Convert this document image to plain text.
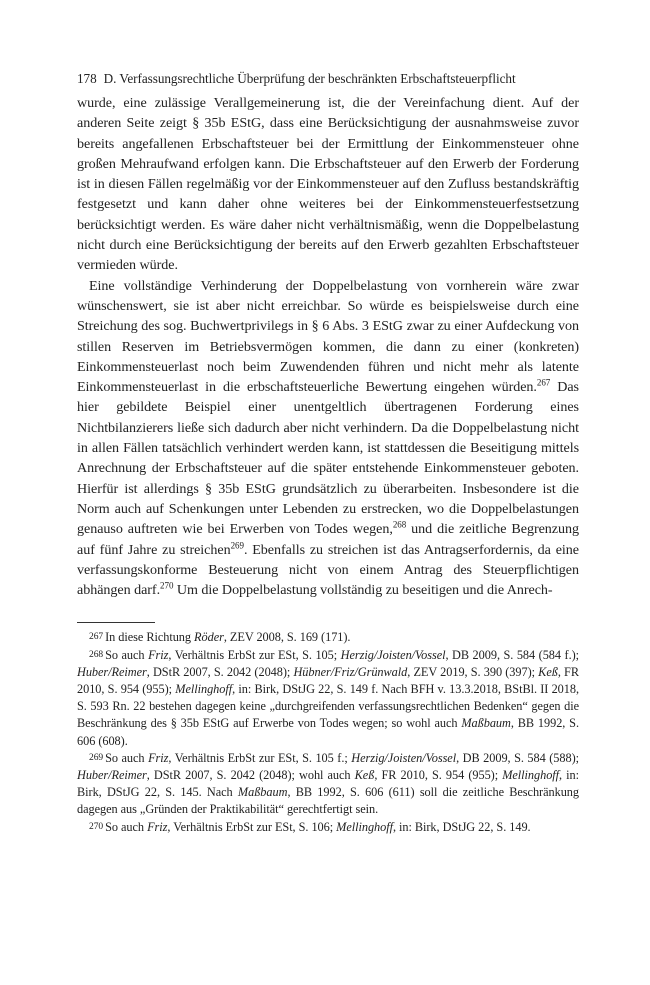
178 D. Verfassungsrechtliche Überprüfung der beschränkten Erbschaftsteuerpflicht

wurde, eine zulässige Verallgemeinerung ist, die der Vereinfachung dient. Auf der anderen Seite zeigt § 35b EStG, dass eine Berücksichtigung der ausnahmsweise zuvor bereits angefallenen Erbschaftsteuer bei der Ermittlung der Einkommensteuer ohne großen Mehraufwand erfolgen kann. Die Erbschaftsteuer auf den Erwerb der Forderung ist in diesen Fällen regelmäßig vor der Einkommensteuer auf den Zufluss bestandskräftig festgesetzt und kann daher ohne weiteres bei der Einkommensteuerfestsetzung berücksichtigt werden. Es wäre daher nicht verhältnismäßig, wenn die Doppelbelastung nicht durch eine Berücksichtigung der bereits auf den Erwerb gezahlten Erbschaftsteuer vermieden würde.

Eine vollständige Verhinderung der Doppelbelastung von vornherein wäre zwar wünschenswert, sie ist aber nicht erreichbar. So würde es beispielsweise durch eine Streichung des sog. Buchwertprivilegs in § 6 Abs. 3 EStG zwar zu einer Aufdeckung von stillen Reserven im Betriebsvermögen kommen, die dann zu einer (konkreten) Einkommensteuerlast noch beim Zuwendenden führen und nicht mehr als latente Einkommensteuerlast in die erbschaftsteuerliche Bewertung eingehen würden.$^{267}$ Das hier gebildete Beispiel einer unentgeltlich übertragenen Forderung eines Nichtbilanzierers ließe sich dadurch aber nicht verhindern. Da die Doppelbelastung nicht in allen Fällen tatsächlich verhindert werden kann, ist stattdessen die Beseitigung mittels Anrechnung der Erbschaftsteuer auf die später entstehende Einkommensteuer geboten. Hierfür ist allerdings § 35b EStG grundsätzlich zu überarbeiten. Insbesondere ist die Norm auch auf Schenkungen unter Lebenden zu erstrecken, wo die Doppelbelastungen genauso auftreten wie bei Erwerben von Todes wegen,$^{268}$ und die zeitliche Begrenzung auf fünf Jahre zu streichen$^{269}$. Ebenfalls zu streichen ist das Antragserfordernis, da eine verfassungskonforme Besteuerung nicht von einem Antrag des Steuerpflichtigen abhängen darf.$^{270}$ Um die Doppelbelastung vollständig zu beseitigen und die Anrech-

267 In diese Richtung Röder, ZEV 2008, S. 169 (171).

268 So auch Friz, Verhältnis ErbSt zur ESt, S. 105; Herzig/Joisten/Vossel, DB 2009, S. 584 (584 f.); Huber/Reimer, DStR 2007, S. 2042 (2048); Hübner/Friz/Grünwald, ZEV 2019, S. 390 (397); Keß, FR 2010, S. 954 (955); Mellinghoff, in: Birk, DStJG 22, S. 149 f. Nach BFH v. 13.3.2018, BStBl. II 2018, S. 593 Rn. 22 bestehen dagegen keine „durchgreifenden verfassungsrechtlichen Bedenken“ gegen die Beschränkung des § 35b EStG auf Erwerbe von Todes wegen; so wohl auch Maßbaum, BB 1992, S. 606 (608).

269 So auch Friz, Verhältnis ErbSt zur ESt, S. 105 f.; Herzig/Joisten/Vossel, DB 2009, S. 584 (588); Huber/Reimer, DStR 2007, S. 2042 (2048); wohl auch Keß, FR 2010, S. 954 (955); Mellinghoff, in: Birk, DStJG 22, S. 145. Nach Maßbaum, BB 1992, S. 606 (611) soll die zeitliche Beschränkung dagegen aus „Gründen der Praktikabilität“ gerechtfertigt sein.

270 So auch Friz, Verhältnis ErbSt zur ESt, S. 106; Mellinghoff, in: Birk, DStJG 22, S. 149.
